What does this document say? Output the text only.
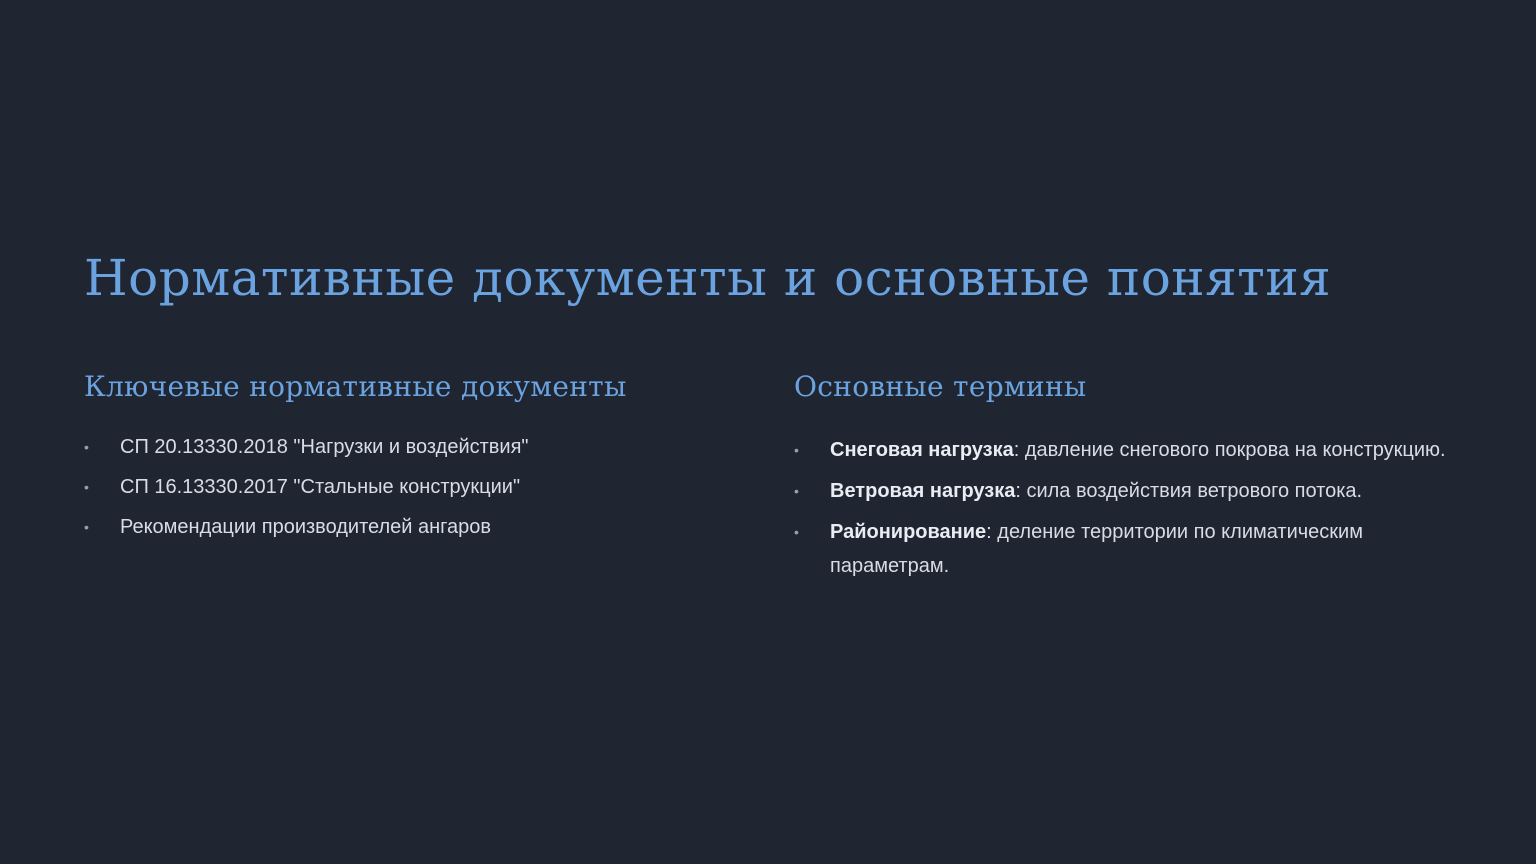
Нормативные документы и основные понятия
Ключевые нормативные документы
•	СП 20.13330.2018 "Нагрузки и воздействия"
•	СП 16.13330.2017 "Стальные конструкции"
•	Рекомендации производителей ангаров
Основные термины
•	Снеговая нагрузка: давление снегового покрова на конструкцию.
•	Ветровая нагрузка: сила воздействия ветрового потока.
•	Районирование: деление территории по климатическим параметрам.
